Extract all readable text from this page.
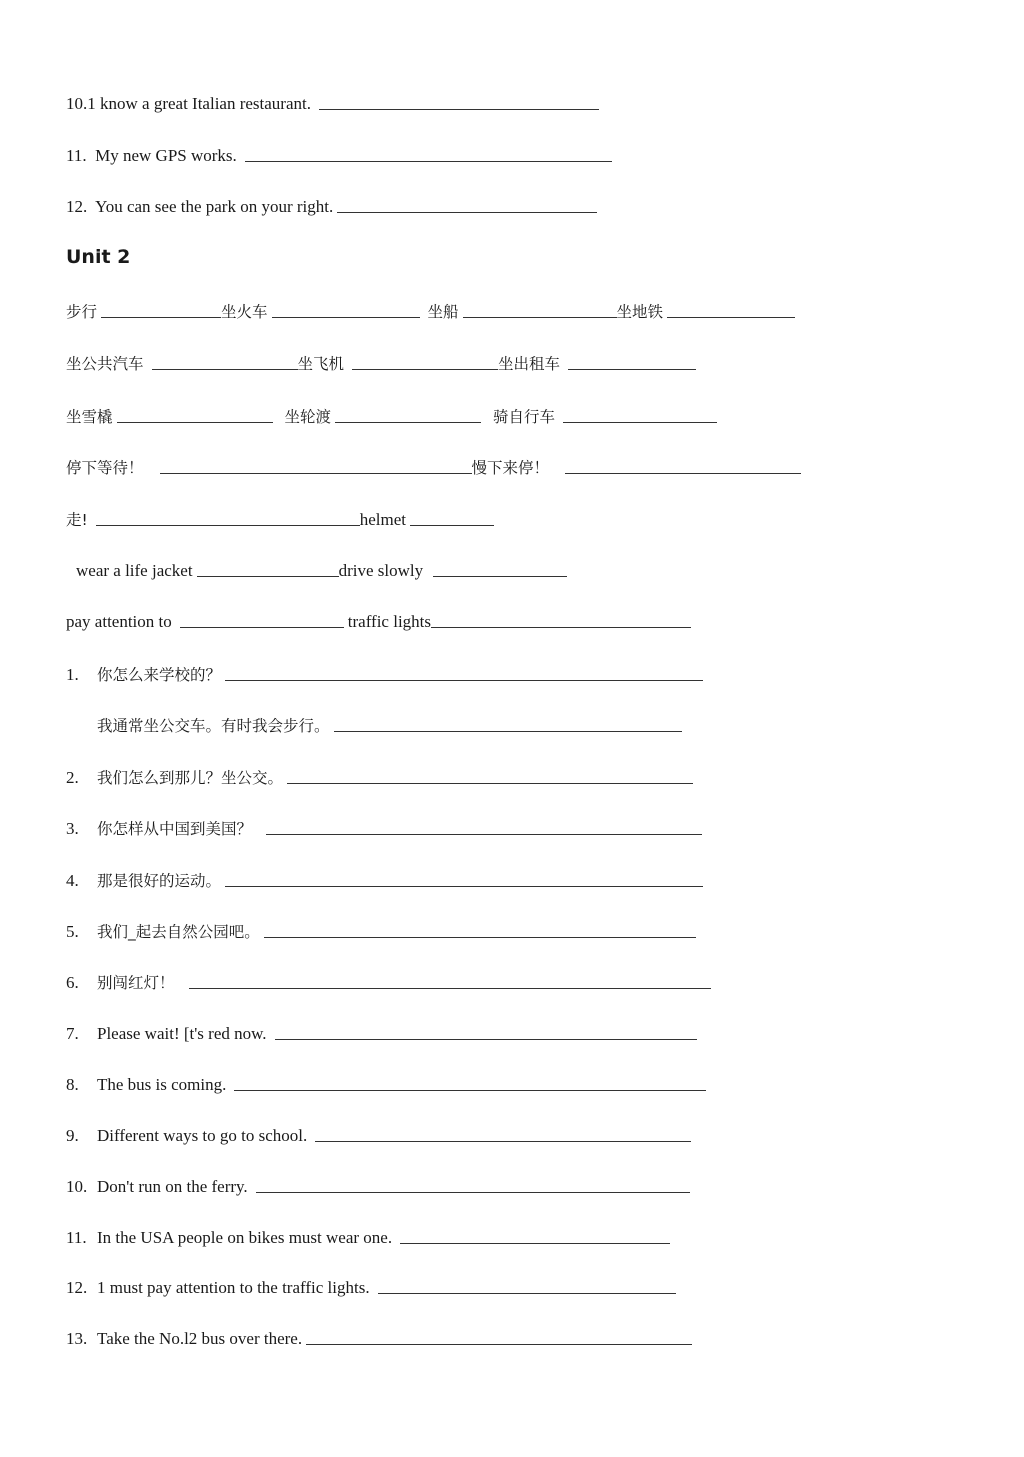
10.1 know a great Italian restaurant.
11.  My new GPS works.
12.  You can see the park on your right.
Unit 2
步行	坐火车	坐船	坐地铁
坐公共汽车	坐飞机	坐出租车
坐雪橇	坐轮渡	骑自行车
停下等待！	慢下来停！
走!	helmet
wear a life jacket	drive slowly
pay attention to	traffic lights
1.	你怎么来学校的？
我通常坐公交车。有时我会步行。
2.	我们怎么到那儿？坐公交。
3.	你怎样从中国到美国？
4.	那是很好的运动。
5.	我们_起去自然公园吧。
6.	别闯红灯！
7.	Please wait! [t's red now.
8.	The bus is coming.
9.	Different ways to go to school.
10. Don't run on the ferry.
11. In the USA people on bikes must wear one.
12. 1 must pay attention to the traffic lights.
13. Take the No.l2 bus over there.
